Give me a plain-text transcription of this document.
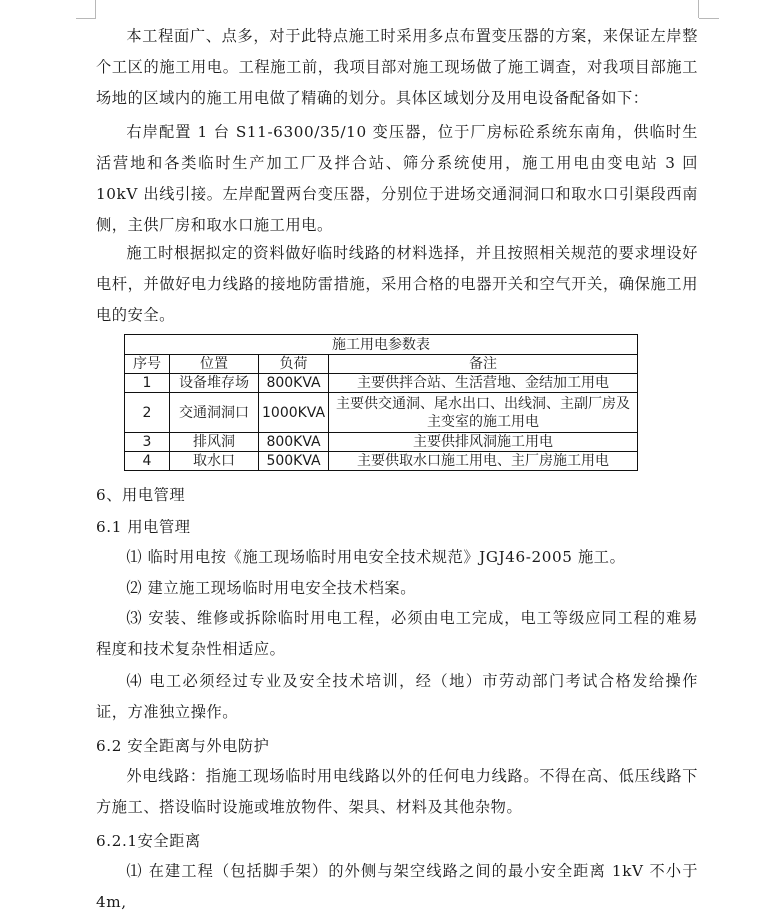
本工程面广、点多，对于此特点施工时采用多点布置变压器的方案，来保证左岸整个工区的施工用电。工程施工前，我项目部对施工现场做了施工调查，对我项目部施工场地的区域内的施工用电做了精确的划分。具体区域划分及用电设备配备如下：

右岸配置 1 台 S11-6300/35/10 变压器，位于厂房标砼系统东南角，供临时生活营地和各类临时生产加工厂及拌合站、筛分系统使用，施工用电由变电站 3 回 10kV 出线引接。左岸配置两台变压器，分别位于进场交通洞洞口和取水口引渠段西南侧，主供厂房和取水口施工用电。

施工时根据拟定的资料做好临时线路的材料选择，并且按照相关规范的要求埋设好电杆，并做好电力线路的接地防雷措施，采用合格的电器开关和空气开关，确保施工用电的安全。

施工用电参数表			
序号	位置	负荷	备注
1	设备堆存场	800KVA	主要供拌合站、生活营地、金结加工用电
2	交通洞洞口	1000KVA	主要供交通洞、尾水出口、出线洞、主副厂房及主变室的施工用电
3	排风洞	800KVA	主要供排风洞施工用电
4	取水口	500KVA	主要供取水口施工用电、主厂房施工用电

6、用电管理

6.1 用电管理

⑴ 临时用电按《施工现场临时用电安全技术规范》JGJ46-2005 施工。

⑵ 建立施工现场临时用电安全技术档案。

⑶ 安装、维修或拆除临时用电工程，必须由电工完成，电工等级应同工程的难易程度和技术复杂性相适应。

⑷ 电工必须经过专业及安全技术培训，经（地）市劳动部门考试合格发给操作证，方准独立操作。

6.2 安全距离与外电防护

外电线路：指施工现场临时用电线路以外的任何电力线路。不得在高、低压线路下方施工、搭设临时设施或堆放物件、架具、材料及其他杂物。

6.2.1安全距离

⑴ 在建工程（包括脚手架）的外侧与架空线路之间的最小安全距离 1kV 不小于 4m,
